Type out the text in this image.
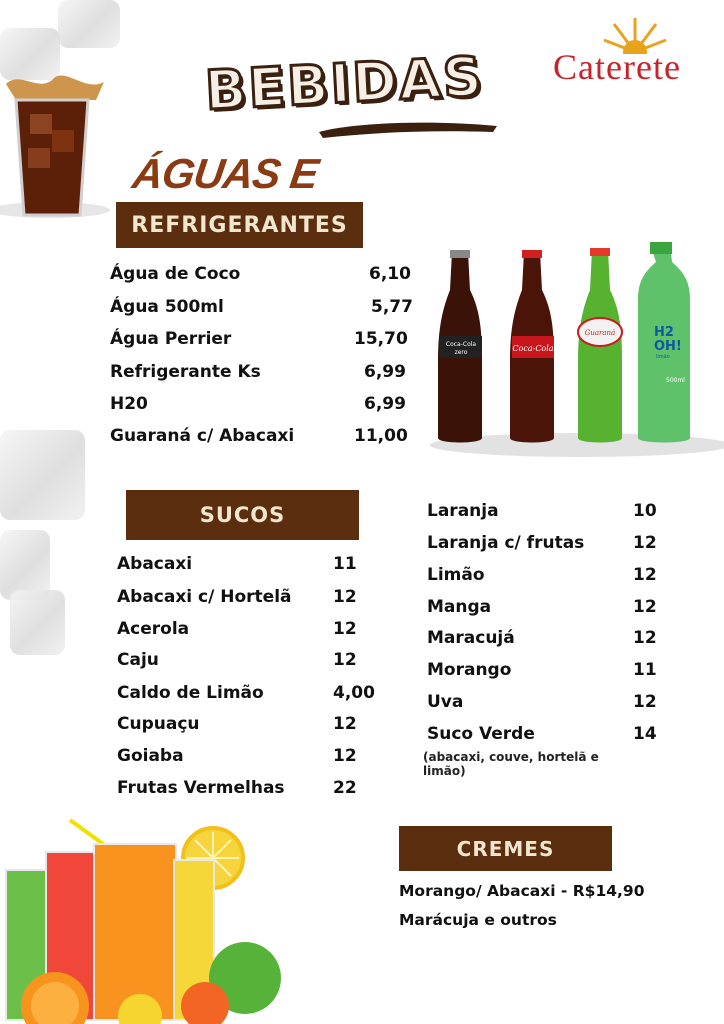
BEBIDAS Caterete
ÁGUAS E
REFRIGERANTES
Água de Coco	6,10
Água 500ml	5,77
Água Perrier	15,70
Refrigerante Ks	6,99
H20	6,99
Guaraná c/ Abacaxi	11,00
Coca-Cola
zero	Coca-Cola
Guaraná	H2
OH!
limão
500ml
SUCOS
Abacaxi	11
Abacaxi c/ Hortelã 12
Acerola	12
Caju	12
Caldo de Limão	4,00
Cupuaçu	12
Goiaba	12
Frutas Vermelhas	22
Laranja	10
Laranja c/ frutas	12
Limão	12
Manga	12
Maracujá	12
Morango	11
Uva	12
Suco Verde	14
(abacaxi, couve, hortelã e limão)
CREMES
Morango/ Abacaxi - R$14,90
Marácuja e outros
